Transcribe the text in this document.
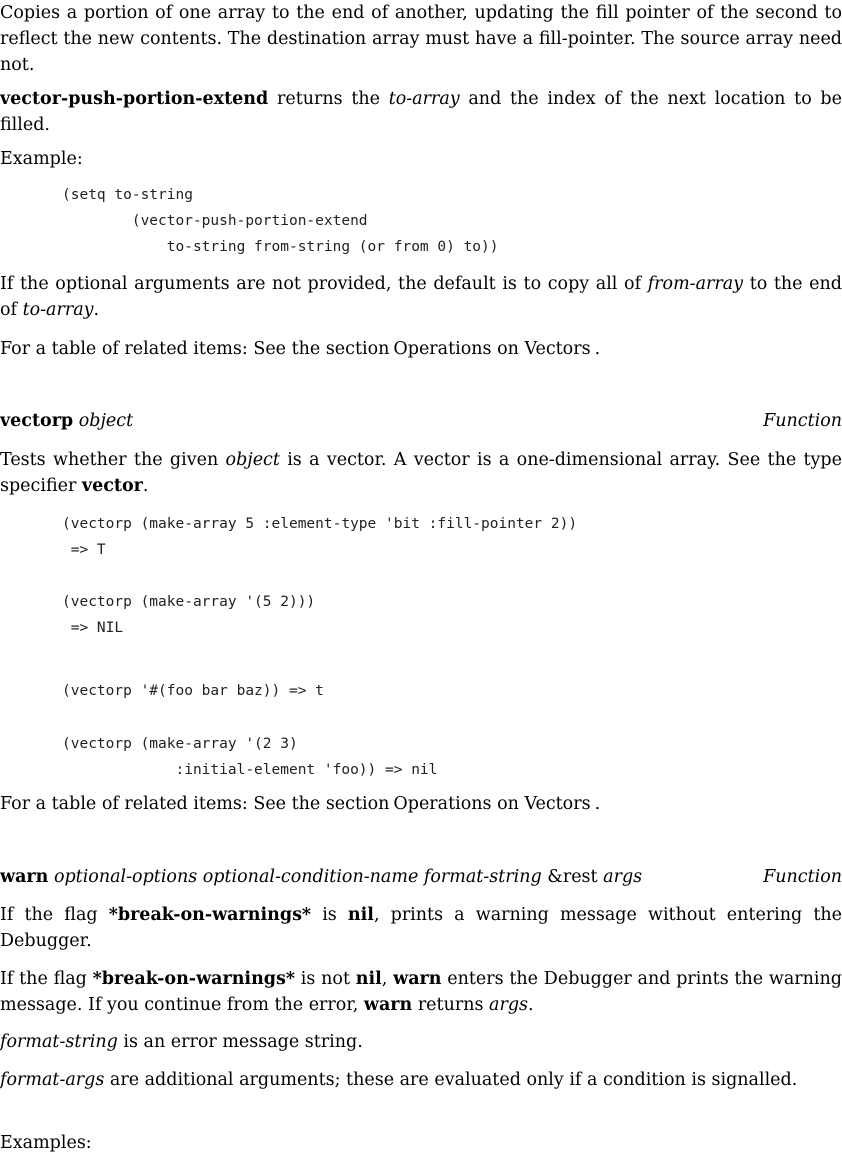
Copies a portion of one array to the end of another, updating the fill pointer of the second to reflect the new contents. The destination array must have a fill-pointer. The source array need not.

vector-push-portion-extend returns the to-array and the index of the next location to be filled.

Example:

(setq to-string
(vector-push-portion-extend
to-string from-string (or from 0) to))

If the optional arguments are not provided, the default is to copy all of from-array to the end of to-array.

For a table of related items: See the section Operations on Vectors .

vectorp object	Function

Tests whether the given object is a vector. A vector is a one-dimensional array. See the type specifier vector.

(vectorp (make-array 5 :element-type 'bit :fill-pointer 2))
=> T
(vectorp (make-array '(5 2)))
=> NIL
(vectorp '#(foo bar baz)) => t
(vectorp (make-array '(2 3)
:initial-element 'foo)) => nil

For a table of related items: See the section Operations on Vectors .

warn optional-options optional-condition-name format-string &rest args	Function

If the flag *break-on-warnings* is nil, prints a warning message without entering the Debugger.

If the flag *break-on-warnings* is not nil, warn enters the Debugger and prints the warning message. If you continue from the error, warn returns args.

format-string is an error message string.

format-args are additional arguments; these are evaluated only if a condition is signalled.

Examples:
